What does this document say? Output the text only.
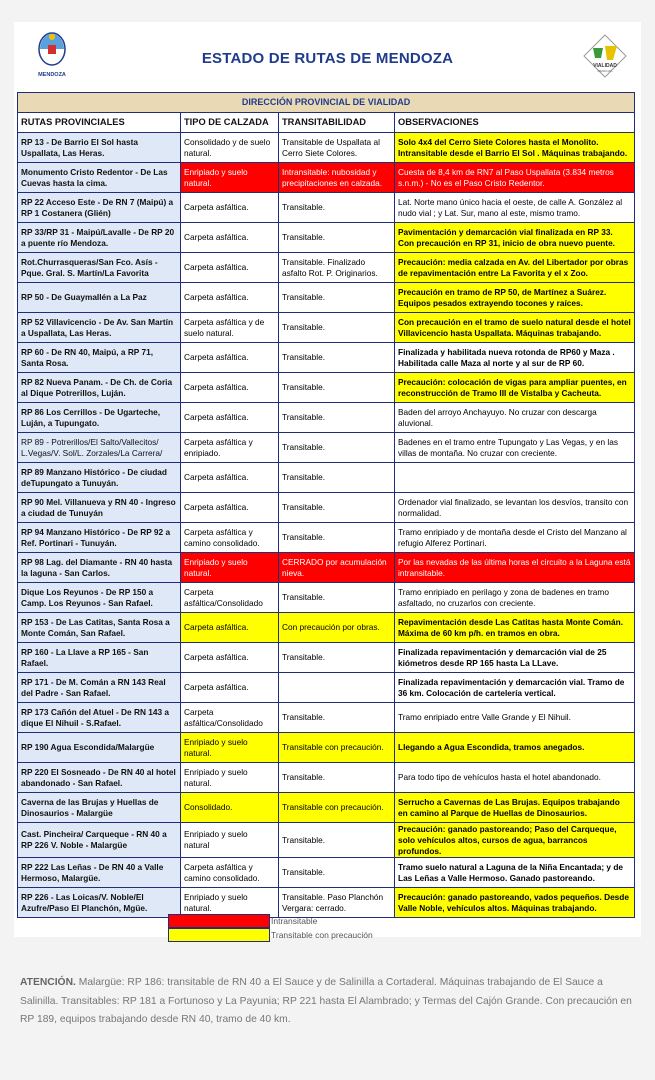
MENDOZA
ESTADO DE RUTAS DE MENDOZA	VIALIDAD
MENDOZA
DIRECCIÓN PROVINCIAL DE VIALIDAD			
RUTAS PROVINCIALES	TIPO DE CALZADA	TRANSITABILIDAD	OBSERVACIONES
RP 13 - De Barrio El Sol hasta Uspallata, Las Heras.	Consolidado y de suelo natural.	Transitable de Uspallata al Cerro Siete Colores.	Solo 4x4 del Cerro Siete Colores hasta el Monolito. Intransitable desde el Barrio El Sol . Máquinas trabajando.
Monumento Cristo Redentor - De Las Cuevas hasta la cima.	Enripiado y suelo natural.	Intransitable: nubosidad y precipitaciones en calzada.	Cuesta de 8,4 km de RN7 al Paso Uspallata (3.834 metros s.n.m.) - No es el Paso Cristo Redentor.
RP 22 Acceso Este - De RN 7 (Maipú) a RP 1 Costanera (Glién)	Carpeta asfáltica.	Transitable.	Lat. Norte mano único hacia el oeste, de calle A. González al nudo vial ; y Lat. Sur, mano al este, mismo tramo.
RP 33/RP 31 - Maipú/Lavalle - De RP 20 a puente río Mendoza.	Carpeta asfáltica.	Transitable.	Pavimentación y demarcación vial finalizada en RP 33. Con precaución en RP 31, inicio de obra nuevo puente.
Rot.Churrasqueras/San Fco. Asís - Pque. Gral. S. Martín/La Favorita	Carpeta asfáltica.	Transitable. Finalizado asfalto Rot. P. Originarios.	Precaución: media calzada en Av. del Libertador por obras de repavimentación entre La Favorita y el x Zoo.
RP 50 - De Guaymallén a La Paz	Carpeta asfáltica.	Transitable.	Precaución en tramo de RP 50, de Martínez a Suárez. Equipos pesados extrayendo tocones y raíces.
RP 52 Villavicencio - De Av. San Martín a Uspallata, Las Heras.	Carpeta asfáltica y de suelo natural.	Transitable.	Con precaución en el tramo de suelo natural desde el hotel Villavicencio hasta Uspallata. Máquinas trabajando.
RP 60 - De RN 40, Maipú, a RP 71, Santa Rosa.	Carpeta asfáltica.	Transitable.	Finalizada y habilitada nueva rotonda de RP60 y Maza . Habilitada calle Maza al norte y al sur de RP 60.
RP 82 Nueva Panam. - De Ch. de Coria al Dique Potrerillos, Luján.	Carpeta asfáltica.	Transitable.	Precaución: colocación de vigas para ampliar puentes, en reconstrucción de Tramo III de Vistalba y Cacheuta.
RP 86 Los Cerrillos - De Ugarteche, Luján, a Tupungato.	Carpeta asfáltica.	Transitable.	Baden del arroyo Anchayuyo. No cruzar con descarga aluvional.
RP 89 - Potrerillos/El Salto/Vallecitos/ L.Vegas/V. Sol/L. Zorzales/La Carrera/	Carpeta asfáltica y enripiado.	Transitable.	Badenes en el tramo entre Tupungato y Las Vegas, y en las villas de montaña. No cruzar con creciente.
RP 89 Manzano Histórico - De ciudad deTupungato a Tunuyán.	Carpeta asfáltica.	Transitable.	
RP 90 Mel. Villanueva y RN 40 - Ingreso a ciudad de Tunuyán	Carpeta asfáltica.	Transitable.	Ordenador vial finalizado, se levantan los desvíos, transito con normalidad.
RP 94 Manzano Histórico - De RP 92 a Ref. Portinari - Tunuyán.	Carpeta asfáltica y camino consolidado.	Transitable.	Tramo enripiado y de montaña desde el Cristo del Manzano al refugio Alferez Portinari.
RP 98 Lag. del Diamante - RN 40 hasta la laguna - San Carlos.	Enripiado y suelo natural.	CERRADO por acumulación nieva.	Por las nevadas de las última horas el circuito a la Laguna está intransitable.
Dique Los Reyunos - De RP 150 a Camp. Los Reyunos - San Rafael.	Carpeta asfáltica/Consolidado	Transitable.	Tramo enripiado en perilago y zona de badenes en tramo asfaltado, no cruzarlos con creciente.
RP 153 - De Las Catitas, Santa Rosa a Monte Comán, San Rafael.	Carpeta asfáltica.	Con precaución por obras.	Repavimentación desde Las Catitas hasta Monte Comán. Máxima de 60 km p/h. en tramos en obra.
RP 160 - La Llave a RP 165 - San Rafael.	Carpeta asfáltica.	Transitable.	Finalizada repavimentación y demarcación vial de 25 kiómetros desde RP 165 hasta La LLave.
RP 171 - De M. Comán a RN 143 Real del Padre - San Rafael.	Carpeta asfáltica.		Finalizada repavimentación y demarcación vial. Tramo de 36 km. Colocación de cartelería vertical.
RP 173 Cañón del Atuel - De RN 143 a dique El Nihuil - S.Rafael.	Carpeta asfáltica/Consolidado	Transitable.	Tramo enripiado entre Valle Grande y El Nihuil.
RP 190 Agua Escondida/Malargüe	Enripiado y suelo natural.	Transitable con precaución.	Llegando a Agua Escondida, tramos anegados.
RP 220 El Sosneado - De RN 40 al hotel abandonado - San Rafael.	Enripiado y suelo natural.	Transitable.	Para todo tipo de vehículos hasta el hotel abandonado.
Caverna de las Brujas y Huellas de Dinosaurios - Malargüe	Consolidado.	Transitable con precaución.	Serrucho a Cavernas de Las Brujas. Equipos trabajando en camino al Parque de Huellas de Dinosaurios.
Cast. Pincheira/ Carqueque - RN 40 a RP 226 V. Noble - Malargüe	Enripiado y suelo natural	Transitable.	Precaución: ganado pastoreando; Paso del Carqueque, solo vehículos altos, cursos de agua, barrancos profundos.
RP 222 Las Leñas - De RN 40 a Valle Hermoso, Malargüe.	Carpeta asfáltica y camino consolidado.	Transitable.	Tramo suelo natural a Laguna de la Niña Encantada; y de Las Leñas a Valle Hermoso. Ganado pastoreando.
RP 226 - Las Loicas/V. Noble/El Azufre/Paso El Planchón, Mgüe.	Enripiado y suelo natural.	Transitable. Paso Planchón Vergara: cerrado.	Precaución: ganado pastoreando, vados pequeños. Desde Valle Noble, vehículos altos. Máquinas trabajando.
Intransitable
Transitable con precaución
ATENCIÓN. Malargüe: RP 186: transitable de RN 40 a El Sauce y de Salinilla a Cortaderal. Máquinas trabajando de El Sauce a Salinilla. Transitables: RP 181 a Fortunoso y La Payunia; RP 221 hasta El Alambrado; y Termas del Cajón Grande. Con precaución en RP 189, equipos trabajando desde RN 40, tramo de 40 km.
